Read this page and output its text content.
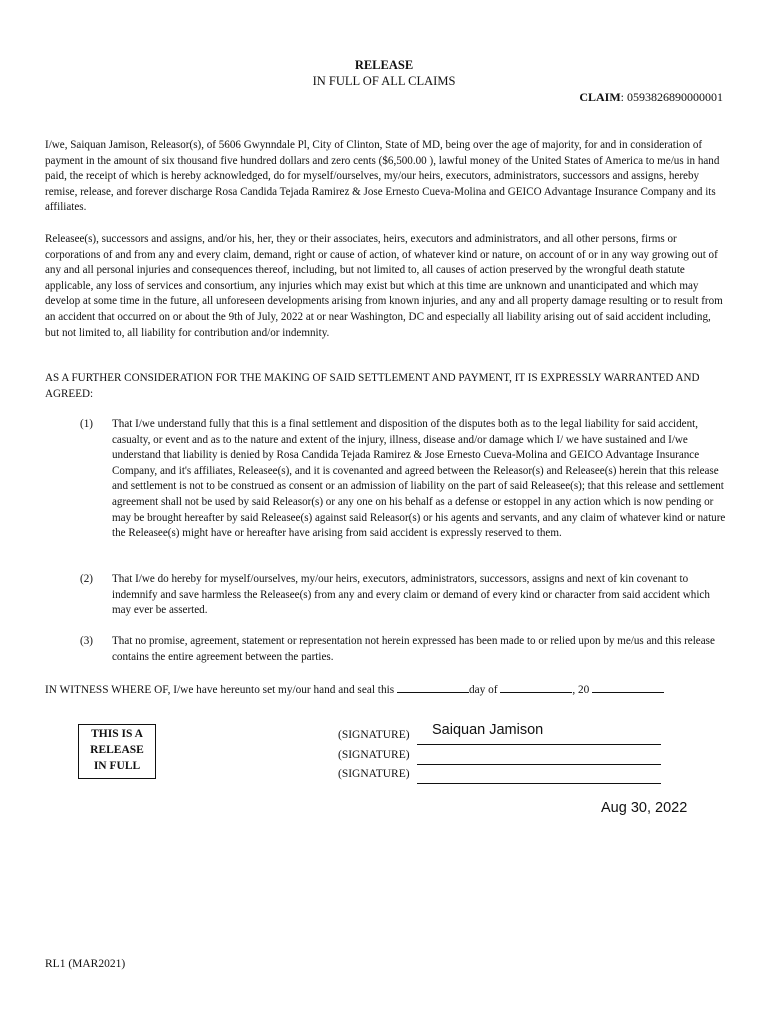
RELEASE
IN FULL OF ALL CLAIMS
CLAIM: 0593826890000001
I/we, Saiquan Jamison, Releasor(s), of 5606 Gwynndale Pl, City of Clinton, State of MD, being over the age of majority, for and in consideration of payment in the amount of six thousand five hundred dollars and zero cents ($6,500.00 ), lawful money of the United States of America to me/us in hand paid, the receipt of which is hereby acknowledged, do for myself/ourselves, my/our heirs, executors, administrators, successors and assigns, hereby remise, release, and forever discharge Rosa Candida Tejada Ramirez & Jose Ernesto Cueva-Molina and GEICO Advantage Insurance Company and its affiliates.
Releasee(s), successors and assigns, and/or his, her, they or their associates, heirs, executors and administrators, and all other persons, firms or corporations of and from any and every claim, demand, right or cause of action, of whatever kind or nature, on account of or in any way growing out of any and all personal injuries and consequences thereof, including, but not limited to, all causes of action preserved by the wrongful death statute applicable, any loss of services and consortium, any injuries which may exist but which at this time are unknown and unanticipated and which may develop at some time in the future, all unforeseen developments arising from known injuries, and any and all property damage resulting or to result from an accident that occurred on or about the 9th of July, 2022 at or near Washington, DC and especially all liability arising out of said accident including, but not limited to, all liability for contribution and/or indemnity.
AS A FURTHER CONSIDERATION FOR THE MAKING OF SAID SETTLEMENT AND PAYMENT, IT IS EXPRESSLY WARRANTED AND AGREED:
(1) That I/we understand fully that this is a final settlement and disposition of the disputes both as to the legal liability for said accident, casualty, or event and as to the nature and extent of the injury, illness, disease and/or damage which I/ we have sustained and I/we understand that liability is denied by Rosa Candida Tejada Ramirez & Jose Ernesto Cueva-Molina and GEICO Advantage Insurance Company, and it's affiliates, Releasee(s), and it is covenanted and agreed between the Releasor(s) and Releasee(s) herein that this release and settlement is not to be construed as consent or an admission of liability on the part of said Releasee(s); that this release and settlement agreement shall not be used by said Releasor(s) or any one on his behalf as a defense or estoppel in any action which is now pending or may be brought hereafter by said Releasee(s) against said Releasor(s) or his agents and servants, and any claim of whatever kind or nature the Releasee(s) might have or hereafter have arising from said accident is expressly reserved to them.
(2) That I/we do hereby for myself/ourselves, my/our heirs, executors, administrators, successors, assigns and next of kin covenant to indemnify and save harmless the Releasee(s) from any and every claim or demand of every kind or character from said accident which may ever be asserted.
(3) That no promise, agreement, statement or representation not herein expressed has been made to or relied upon by me/us and this release contains the entire agreement between the parties.
IN WITNESS WHERE OF, I/we have hereunto set my/our hand and seal this	day of	, 20
THIS IS A
RELEASE
IN FULL
(SIGNATURE) Saiquan Jamison
(SIGNATURE)
(SIGNATURE)
Aug 30, 2022
RL1 (MAR2021)
